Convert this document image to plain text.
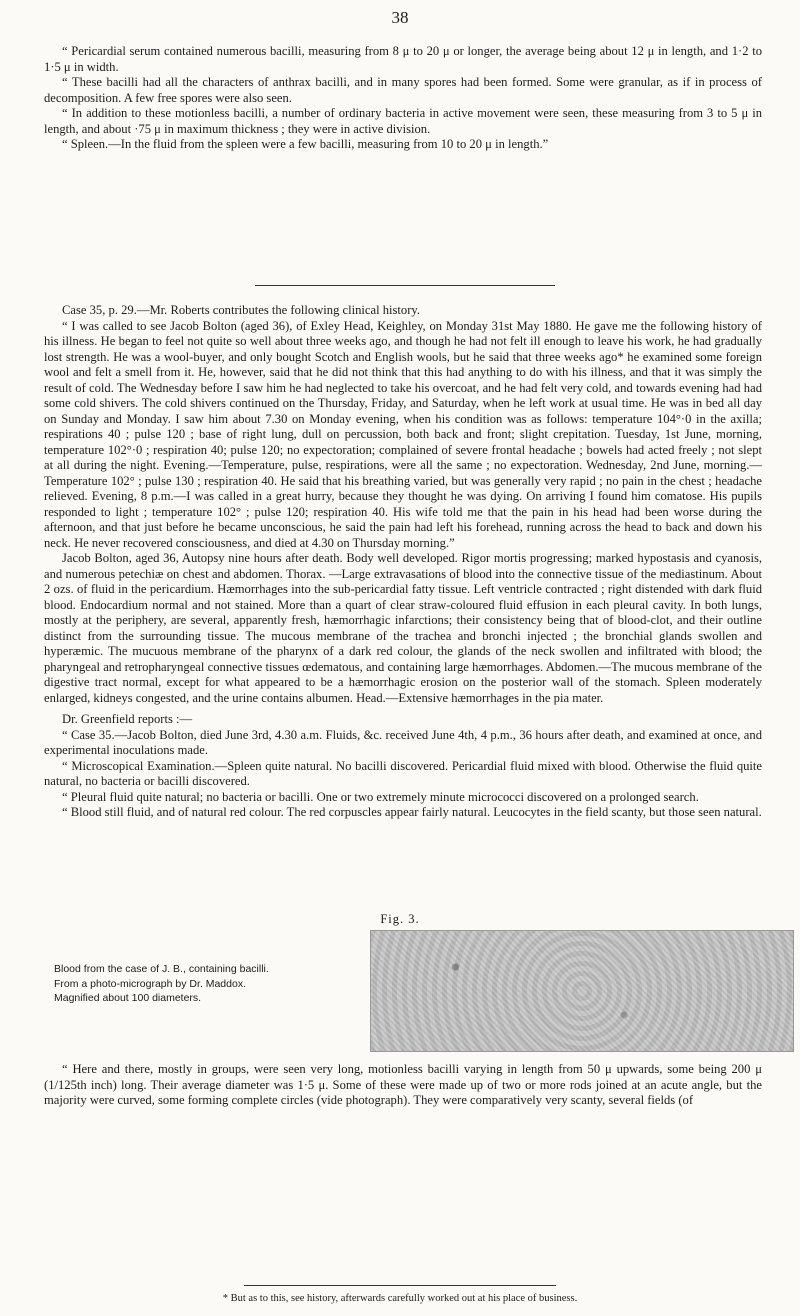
38

“ Pericardial serum contained numerous bacilli, measuring from 8 μ to 20 μ or longer, the average being about 12 μ in length, and 1·2 to 1·5 μ in width.

“ These bacilli had all the characters of anthrax bacilli, and in many spores had been formed. Some were granular, as if in process of decomposition. A few free spores were also seen.

“ In addition to these motionless bacilli, a number of ordinary bacteria in active movement were seen, these measuring from 3 to 5 μ in length, and about ·75 μ in maximum thickness ; they were in active division.

“ Spleen.—In the fluid from the spleen were a few bacilli, measuring from 10 to 20 μ in length.”

Case 35, p. 29.—Mr. Roberts contributes the following clinical history.

“ I was called to see Jacob Bolton (aged 36), of Exley Head, Keighley, on Monday 31st May 1880. He gave me the following history of his illness. He began to feel not quite so well about three weeks ago, and though he had not felt ill enough to leave his work, he had gradually lost strength. He was a wool-buyer, and only bought Scotch and English wools, but he said that three weeks ago* he examined some foreign wool and felt a smell from it. He, however, said that he did not think that this had anything to do with his illness, and that it was simply the result of cold. The Wednesday before I saw him he had neglected to take his overcoat, and he had felt very cold, and towards evening had had some cold shivers. The cold shivers continued on the Thursday, Friday, and Saturday, when he left work at usual time. He was in bed all day on Sunday and Monday. I saw him about 7.30 on Monday evening, when his condition was as follows: temperature 104°·0 in the axilla; respirations 40 ; pulse 120 ; base of right lung, dull on percussion, both back and front; slight crepitation. Tuesday, 1st June, morning, temperature 102°·0 ; respiration 40; pulse 120; no expectoration; complained of severe frontal headache ; bowels had acted freely ; not slept at all during the night. Evening.—Temperature, pulse, respirations, were all the same ; no expectoration. Wednesday, 2nd June, morning.—Temperature 102° ; pulse 130 ; respiration 40. He said that his breathing varied, but was generally very rapid ; no pain in the chest ; headache relieved. Evening, 8 p.m.—I was called in a great hurry, because they thought he was dying. On arriving I found him comatose. His pupils responded to light ; temperature 102° ; pulse 120; respiration 40. His wife told me that the pain in his head had been worse during the afternoon, and that just before he became unconscious, he said the pain had left his forehead, running across the head to back and down his neck. He never recovered consciousness, and died at 4.30 on Thursday morning.”

Jacob Bolton, aged 36, Autopsy nine hours after death. Body well developed. Rigor mortis progressing; marked hypostasis and cyanosis, and numerous petechiæ on chest and abdomen. Thorax. —Large extravasations of blood into the connective tissue of the mediastinum. About 2 ozs. of fluid in the pericardium. Hæmorrhages into the sub-pericardial fatty tissue. Left ventricle contracted ; right distended with dark fluid blood. Endocardium normal and not stained. More than a quart of clear straw-coloured fluid effusion in each pleural cavity. In both lungs, mostly at the periphery, are several, apparently fresh, hæmorrhagic infarctions; their consistency being that of blood-clot, and their outline distinct from the surrounding tissue. The mucous membrane of the trachea and bronchi injected ; the bronchial glands swollen and hyperæmic. The mucuous membrane of the pharynx of a dark red colour, the glands of the neck swollen and infiltrated with blood; the pharyngeal and retropharyngeal connective tissues œdematous, and containing large hæmorrhages. Abdomen.—The mucous membrane of the digestive tract normal, except for what appeared to be a hæmorrhagic erosion on the posterior wall of the stomach. Spleen moderately enlarged, kidneys congested, and the urine contains albumen. Head.—Extensive hæmorrhages in the pia mater.

Dr. Greenfield reports :—

“ Case 35.—Jacob Bolton, died June 3rd, 4.30 a.m. Fluids, &c. received June 4th, 4 p.m., 36 hours after death, and examined at once, and experimental inoculations made.

“ Microscopical Examination.—Spleen quite natural. No bacilli discovered. Pericardial fluid mixed with blood. Otherwise the fluid quite natural, no bacteria or bacilli discovered.

“ Pleural fluid quite natural; no bacteria or bacilli. One or two extremely minute micrococci discovered on a prolonged search.

“ Blood still fluid, and of natural red colour. The red corpuscles appear fairly natural. Leucocytes in the field scanty, but those seen natural.

Fig. 3.
Blood from the case of J. B., containing bacilli.
From a photo-micrograph by Dr. Maddox.
Magnified about 100 diameters.

“ Here and there, mostly in groups, were seen very long, motionless bacilli varying in length from 50 μ upwards, some being 200 μ (1/125th inch) long. Their average diameter was 1·5 μ. Some of these were made up of two or more rods joined at an acute angle, but the majority were curved, some forming complete circles (vide photograph). They were comparatively very scanty, several fields (of

* But as to this, see history, afterwards carefully worked out at his place of business.
